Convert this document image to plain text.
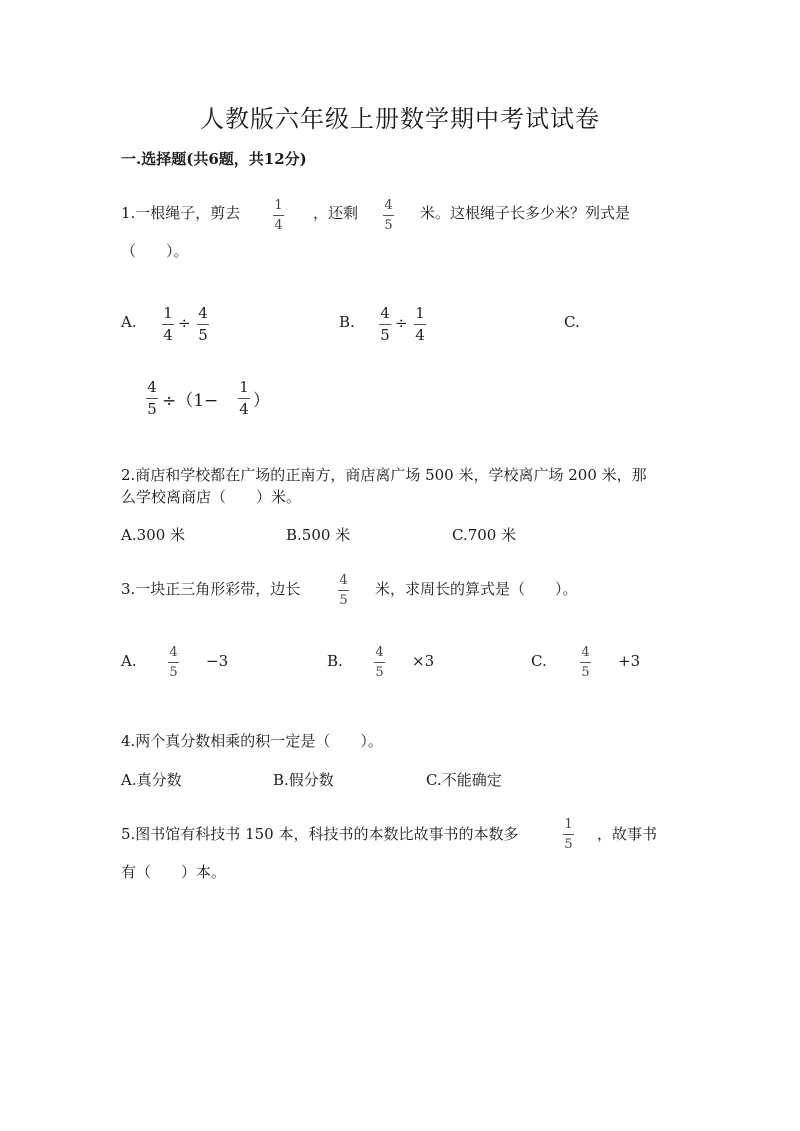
人教版六年级上册数学期中考试试卷
一.选择题(共6题，共12分)
1.一根绳子，剪去	1
4
，还剩 4
5
米。这根绳子长多少米？列式是
（　　）。
A. 1
4
÷
4
5
B. 4
5
÷
1
4
C.
4
5 ÷（1−
1
4 ）
2.商店和学校都在广场的正南方，商店离广场 500 米，学校离广场 200 米，那
么学校离商店（　　）米。
A.300 米	B.500 米	C.700 米
3.一块正三角形彩带，边长	4
5
米，求周长的算式是（　　）。
A.	4
5
−3	B.	4
5
×3	C.	4
5
+3
4.两个真分数相乘的积一定是（　　）。
A.真分数	B.假分数	C.不能确定
5.图书馆有科技书 150 本，科技书的本数比故事书的本数多
1
5
，故事书
有（　　）本。
